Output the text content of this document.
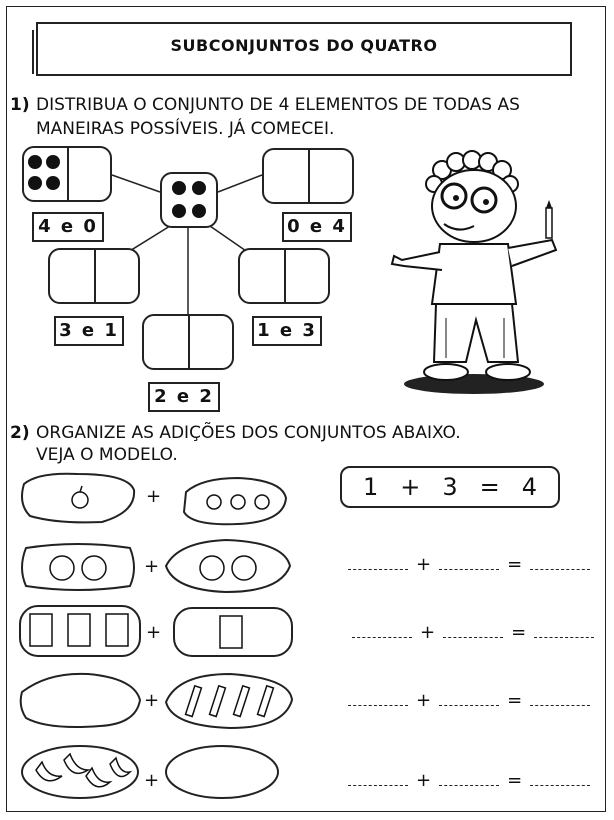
SUBCONJUNTOS DO QUATRO
1) DISTRIBUA O CONJUNTO DE 4 ELEMENTOS DE TODAS AS
MANEIRAS POSSÍVEIS. JÁ COMECEI.
4 e 0	0 e 4
3 e 1	1 e 3
2 e 2
2) ORGANIZE AS ADIÇÕES DOS CONJUNTOS ABAIXO.
VEJA O MODELO.
+	1 + 3 = 4
+	+	=
+	+	=
+	+	=
+	+	=
